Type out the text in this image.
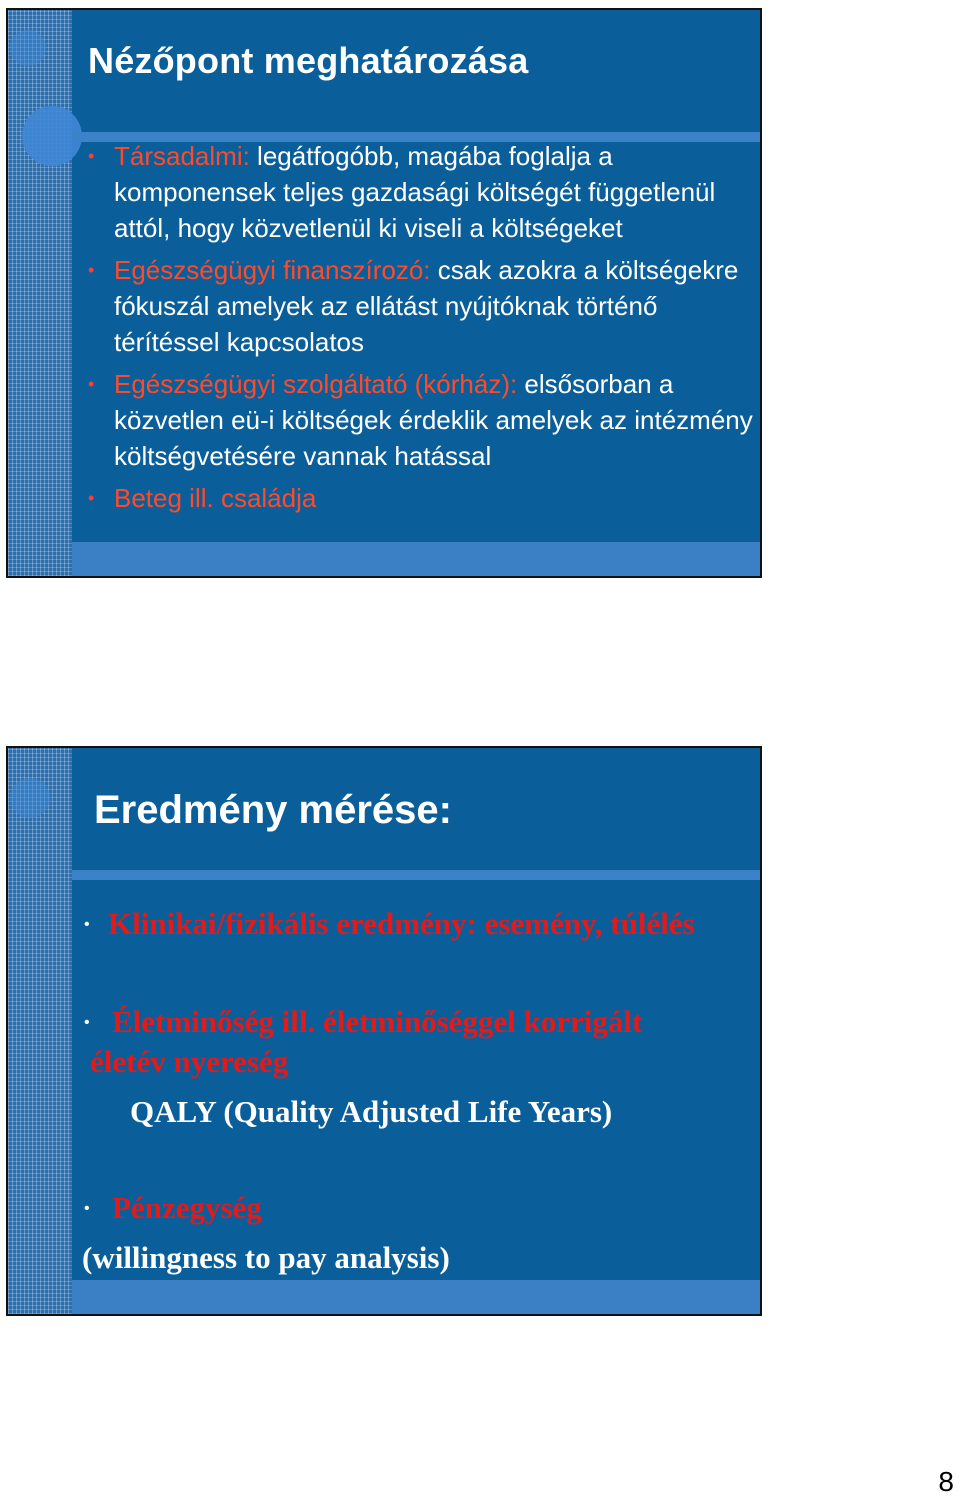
Nézőpont meghatározása
• Társadalmi: legátfogóbb, magába foglalja a komponensek teljes gazdasági költségét függetlenül attól, hogy közvetlenül ki viseli a költségeket
• Egészségügyi finanszírozó: csak azokra a költségekre fókuszál amelyek az ellátást nyújtóknak történő térítéssel kapcsolatos
• Egészségügyi szolgáltató (kórház): elsősorban a közvetlen eü-i költségek érdeklik amelyek az intézmény költségvetésére vannak hatással
• Beteg ill. családja
Eredmény mérése:
• Klinikai/fizikális eredmény: esemény, túlélés
• Életminőség ill. életminőséggel korrigált
életév nyereség
QALY (Quality Adjusted Life Years)
• Pénzegység
(willingness to pay analysis)
8
